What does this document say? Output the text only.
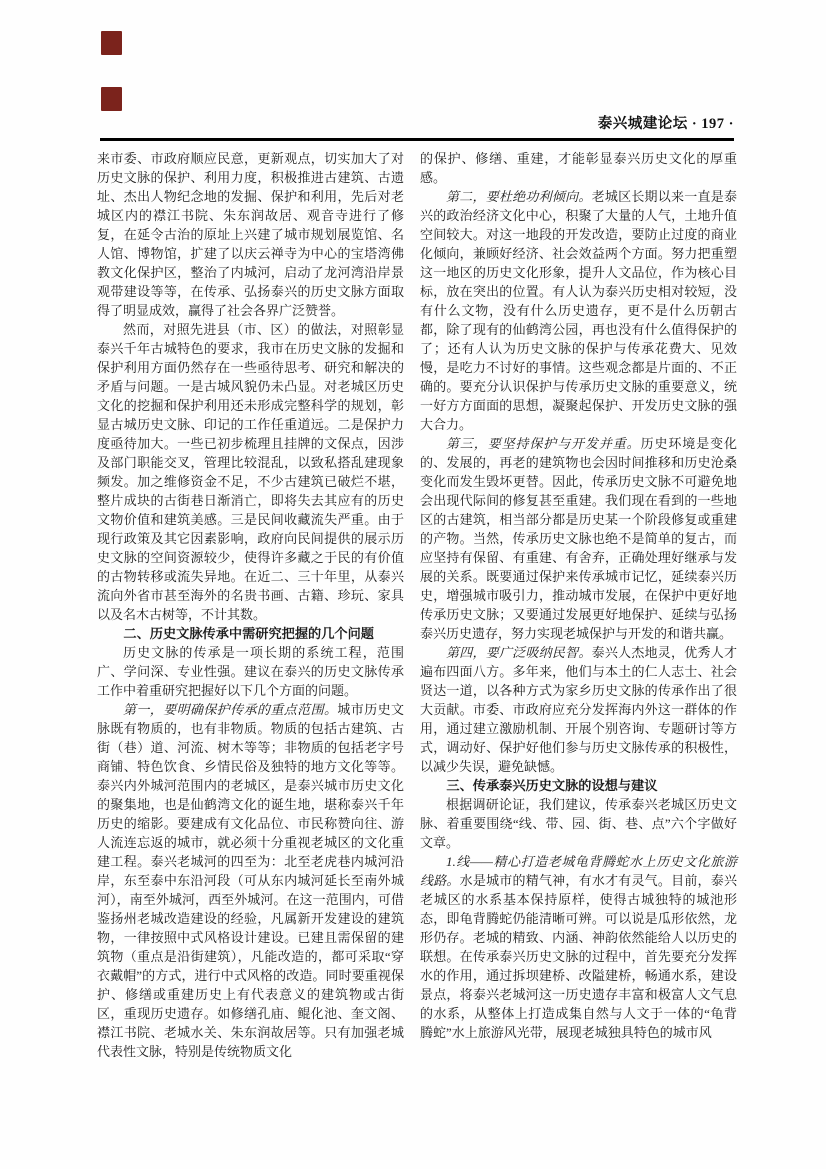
泰兴城建论坛 · 197 ·

来市委、市政府顺应民意，更新观点，切实加大了对历史文脉的保护、利用力度，积极推进古建筑、古遗址、杰出人物纪念地的发掘、保护和利用，先后对老城区内的襟江书院、朱东润故居、观音寺进行了修复，在延令古治的原址上兴建了城市规划展览馆、名人馆、博物馆，扩建了以庆云禅寺为中心的宝塔湾佛教文化保护区，整治了内城河，启动了龙河湾沿岸景观带建设等等，在传承、弘扬泰兴的历史文脉方面取得了明显成效，赢得了社会各界广泛赞誉。

然而，对照先进县（市、区）的做法，对照彰显泰兴千年古城特色的要求，我市在历史文脉的发掘和保护利用方面仍然存在一些亟待思考、研究和解决的矛盾与问题。一是古城风貌仍未凸显。对老城区历史文化的挖掘和保护利用还未形成完整科学的规划，彰显古城历史文脉、印记的工作任重道远。二是保护力度亟待加大。一些已初步梳理且挂牌的文保点，因涉及部门职能交叉，管理比较混乱，以致私搭乱建现象频发。加之维修资金不足，不少古建筑已破烂不堪，整片成块的古街巷日渐消亡，即将失去其应有的历史文物价值和建筑美感。三是民间收藏流失严重。由于现行政策及其它因素影响，政府向民间提供的展示历史文脉的空间资源较少，使得许多藏之于民的有价值的古物转移或流失异地。在近二、三十年里，从泰兴流向外省市甚至海外的名贵书画、古籍、珍玩、家具以及名木古树等，不计其数。

二、历史文脉传承中需研究把握的几个问题

历史文脉的传承是一项长期的系统工程，范围广、学问深、专业性强。建议在泰兴的历史文脉传承工作中着重研究把握好以下几个方面的问题。

第一，要明确保护传承的重点范围。城市历史文脉既有物质的，也有非物质。物质的包括古建筑、古街（巷）道、河流、树木等等；非物质的包括老字号商铺、特色饮食、乡情民俗及独特的地方文化等等。泰兴内外城河范围内的老城区，是泰兴城市历史文化的聚集地，也是仙鹤湾文化的诞生地，堪称泰兴千年历史的缩影。要建成有文化品位、市民称赞向往、游人流连忘返的城市，就必须十分重视老城区的文化重建工程。泰兴老城河的四至为：北至老虎巷内城河沿岸，东至泰中东沿河段（可从东内城河延长至南外城河），南至外城河，西至外城河。在这一范围内，可借鉴扬州老城改造建设的经验，凡属新开发建设的建筑物，一律按照中式风格设计建设。已建且需保留的建筑物（重点是沿街建筑），凡能改造的，都可采取“穿衣戴帽”的方式，进行中式风格的改造。同时要重视保护、修缮或重建历史上有代表意义的建筑物或古街区，重现历史遗存。如修缮孔庙、鲲化池、奎文阁、襟江书院、老城水关、朱东润故居等。只有加强老城代表性文脉，特别是传统物质文化

的保护、修缮、重建，才能彰显泰兴历史文化的厚重感。

第二，要杜绝功利倾向。老城区长期以来一直是泰兴的政治经济文化中心，积聚了大量的人气，土地升值空间较大。对这一地段的开发改造，要防止过度的商业化倾向，兼顾好经济、社会效益两个方面。努力把重塑这一地区的历史文化形象，提升人文品位，作为核心目标，放在突出的位置。有人认为泰兴历史相对较短，没有什么文物，没有什么历史遗存，更不是什么历朝古都，除了现有的仙鹤湾公园，再也没有什么值得保护的了；还有人认为历史文脉的保护与传承花费大、见效慢，是吃力不讨好的事情。这些观念都是片面的、不正确的。要充分认识保护与传承历史文脉的重要意义，统一好方方面面的思想，凝聚起保护、开发历史文脉的强大合力。

第三，要坚持保护与开发并重。历史环境是变化的、发展的，再老的建筑物也会因时间推移和历史沧桑变化而发生毁坏更替。因此，传承历史文脉不可避免地会出现代际间的修复甚至重建。我们现在看到的一些地区的古建筑，相当部分都是历史某一个阶段修复或重建的产物。当然，传承历史文脉也绝不是简单的复古，而应坚持有保留、有重建、有舍弃，正确处理好继承与发展的关系。既要通过保护来传承城市记忆，延续泰兴历史，增强城市吸引力，推动城市发展，在保护中更好地传承历史文脉；又要通过发展更好地保护、延续与弘扬泰兴历史遗存，努力实现老城保护与开发的和谐共赢。

第四，要广泛吸纳民智。泰兴人杰地灵，优秀人才遍布四面八方。多年来，他们与本土的仁人志士、社会贤达一道，以各种方式为家乡历史文脉的传承作出了很大贡献。市委、市政府应充分发挥海内外这一群体的作用，通过建立激励机制、开展个别咨询、专题研讨等方式，调动好、保护好他们参与历史文脉传承的积极性，以减少失误，避免缺憾。

三、传承泰兴历史文脉的设想与建议

根据调研论证，我们建议，传承泰兴老城区历史文脉、着重要围绕“线、带、园、街、巷、点”六个字做好文章。

1.线——精心打造老城龟背腾蛇水上历史文化旅游线路。水是城市的精气神，有水才有灵气。目前，泰兴老城区的水系基本保持原样，使得古城独特的城池形态，即龟背腾蛇仍能清晰可辨。可以说是瓜形依然，龙形仍存。老城的精致、内涵、神韵依然能给人以历史的联想。在传承泰兴历史文脉的过程中，首先要充分发挥水的作用，通过拆坝建桥、改隘建桥，畅通水系，建设景点，将泰兴老城河这一历史遗存丰富和极富人文气息的水系，从整体上打造成集自然与人文于一体的“龟背腾蛇”水上旅游风光带，展现老城独具特色的城市风
